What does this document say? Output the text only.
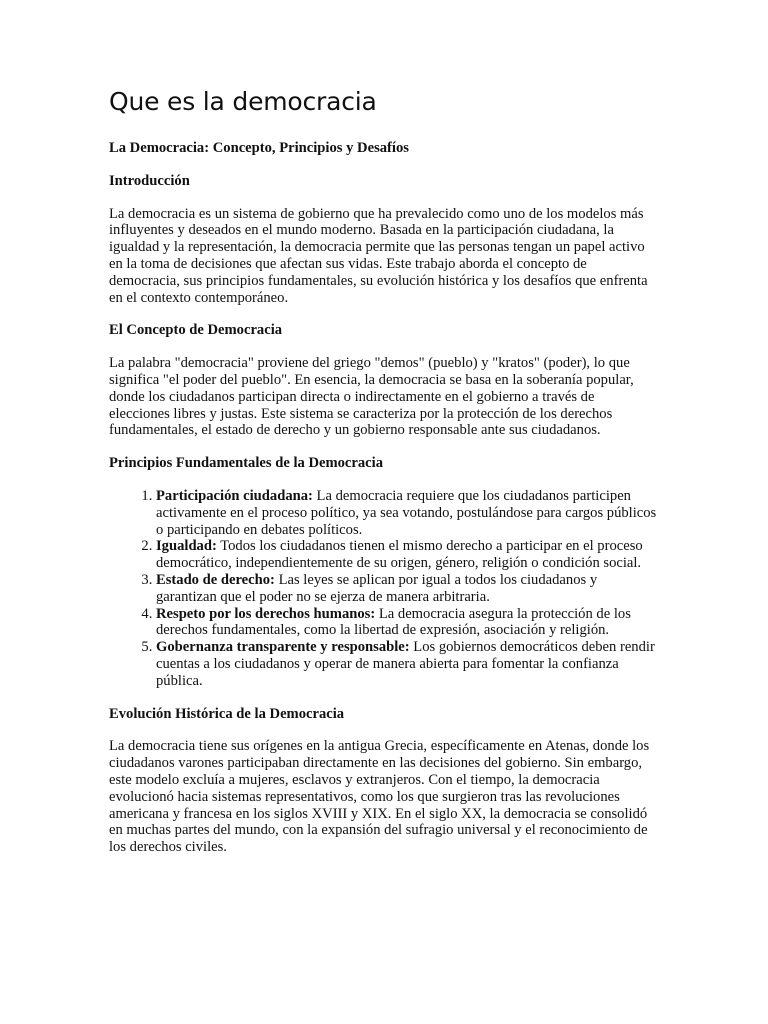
Que es la democracia

La Democracia: Concepto, Principios y Desafíos

Introducción

La democracia es un sistema de gobierno que ha prevalecido como uno de los modelos más influyentes y deseados en el mundo moderno. Basada en la participación ciudadana, la igualdad y la representación, la democracia permite que las personas tengan un papel activo en la toma de decisiones que afectan sus vidas. Este trabajo aborda el concepto de democracia, sus principios fundamentales, su evolución histórica y los desafíos que enfrenta en el contexto contemporáneo.

El Concepto de Democracia

La palabra "democracia" proviene del griego "demos" (pueblo) y "kratos" (poder), lo que significa "el poder del pueblo". En esencia, la democracia se basa en la soberanía popular, donde los ciudadanos participan directa o indirectamente en el gobierno a través de elecciones libres y justas. Este sistema se caracteriza por la protección de los derechos fundamentales, el estado de derecho y un gobierno responsable ante sus ciudadanos.

Principios Fundamentales de la Democracia

1. Participación ciudadana: La democracia requiere que los ciudadanos participen activamente en el proceso político, ya sea votando, postulándose para cargos públicos o participando en debates políticos.
2. Igualdad: Todos los ciudadanos tienen el mismo derecho a participar en el proceso democrático, independientemente de su origen, género, religión o condición social.
3. Estado de derecho: Las leyes se aplican por igual a todos los ciudadanos y garantizan que el poder no se ejerza de manera arbitraria.
4. Respeto por los derechos humanos: La democracia asegura la protección de los derechos fundamentales, como la libertad de expresión, asociación y religión.
5. Gobernanza transparente y responsable: Los gobiernos democráticos deben rendir cuentas a los ciudadanos y operar de manera abierta para fomentar la confianza pública.

Evolución Histórica de la Democracia

La democracia tiene sus orígenes en la antigua Grecia, específicamente en Atenas, donde los ciudadanos varones participaban directamente en las decisiones del gobierno. Sin embargo, este modelo excluía a mujeres, esclavos y extranjeros. Con el tiempo, la democracia evolucionó hacia sistemas representativos, como los que surgieron tras las revoluciones americana y francesa en los siglos XVIII y XIX. En el siglo XX, la democracia se consolidó en muchas partes del mundo, con la expansión del sufragio universal y el reconocimiento de los derechos civiles.
